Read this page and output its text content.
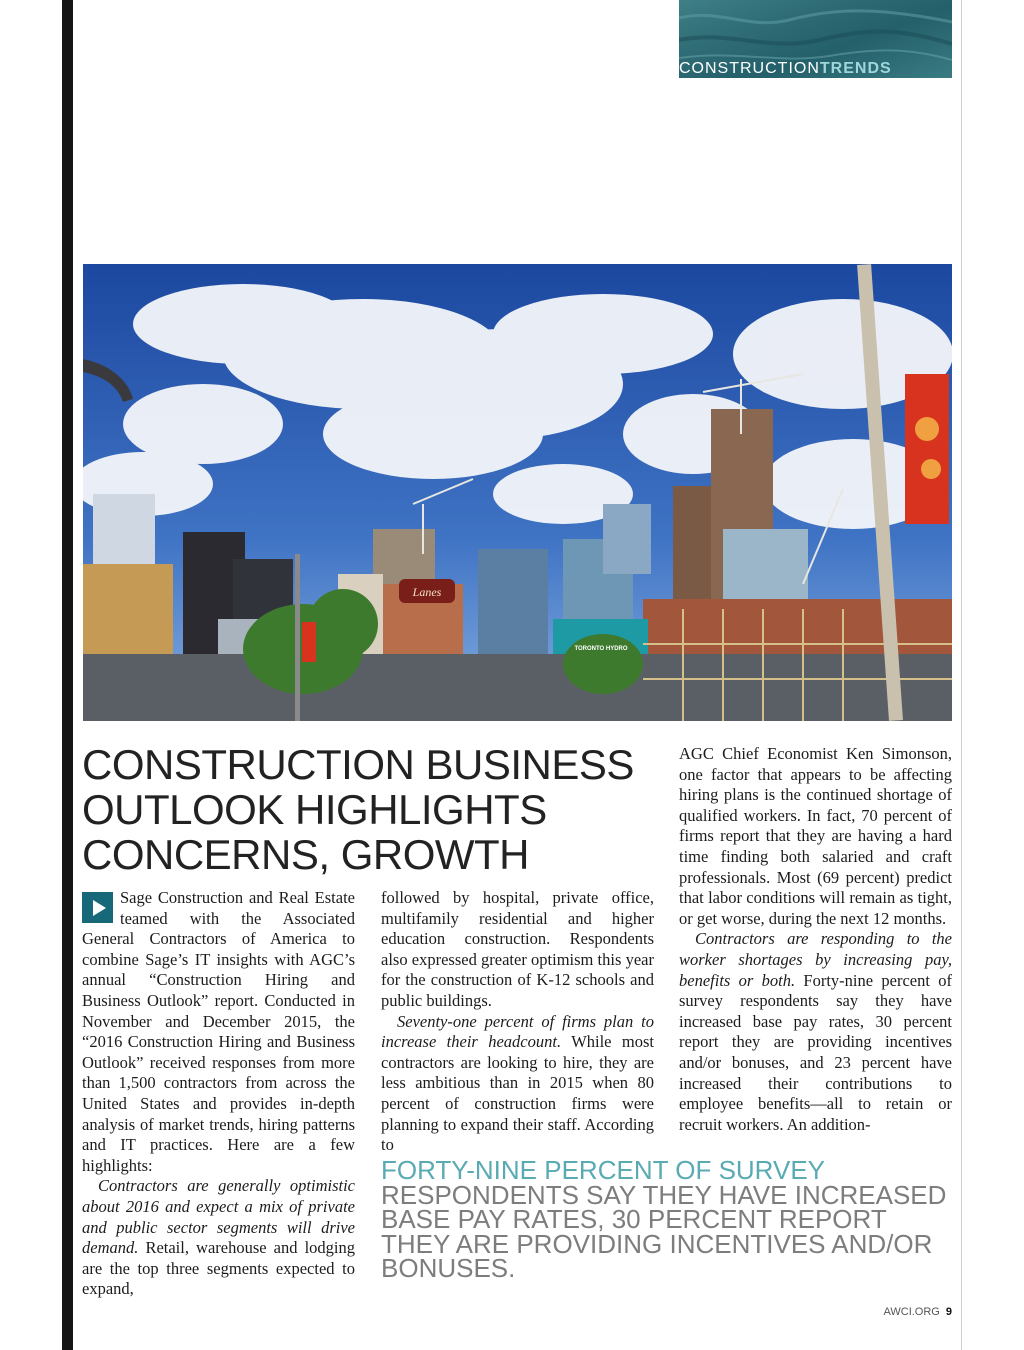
CONSTRUCTIONTRENDS
Lanes
TORONTO HYDRO
CONSTRUCTION BUSINESS
OUTLOOK HIGHLIGHTS
CONCERNS, GROWTH

Sage Construction and Real Estate teamed with the Associated General Contractors of America to combine Sage’s IT insights with AGC’s annual “Construction Hiring and Business Outlook” report. Conducted in November and December 2015, the “2016 Construction Hiring and Business Outlook” received responses from more than 1,500 contractors from across the United States and provides in-depth analysis of market trends, hiring patterns and IT practices. Here are a few highlights:

Contractors are generally optimistic about 2016 and expect a mix of private and public sector segments will drive demand. Retail, warehouse and lodging are the top three segments expected to expand,

followed by hospital, private office, multifamily residential and higher education construction. Respondents also expressed greater optimism this year for the construction of K-12 schools and public buildings.

Seventy-one percent of firms plan to increase their headcount. While most contractors are looking to hire, they are less ambitious than in 2015 when 80 percent of construction firms were planning to expand their staff. According to

AGC Chief Economist Ken Simonson, one factor that appears to be affecting hiring plans is the continued shortage of qualified workers. In fact, 70 percent of firms report that they are having a hard time finding both salaried and craft professionals. Most (69 percent) predict that labor conditions will remain as tight, or get worse, during the next 12 months.

Contractors are responding to the worker shortages by increasing pay, benefits or both. Forty-nine percent of survey respondents say they have increased base pay rates, 30 percent report they are providing incentives and/or bonuses, and 23 percent have increased their contributions to employee benefits—all to retain or recruit workers. An addition-

FORTY-NINE PERCENT OF SURVEY RESPONDENTS SAY THEY HAVE INCREASED BASE PAY RATES, 30 PERCENT REPORT THEY ARE PROVIDING INCENTIVES AND/OR BONUSES.

AWCI.ORG 9
